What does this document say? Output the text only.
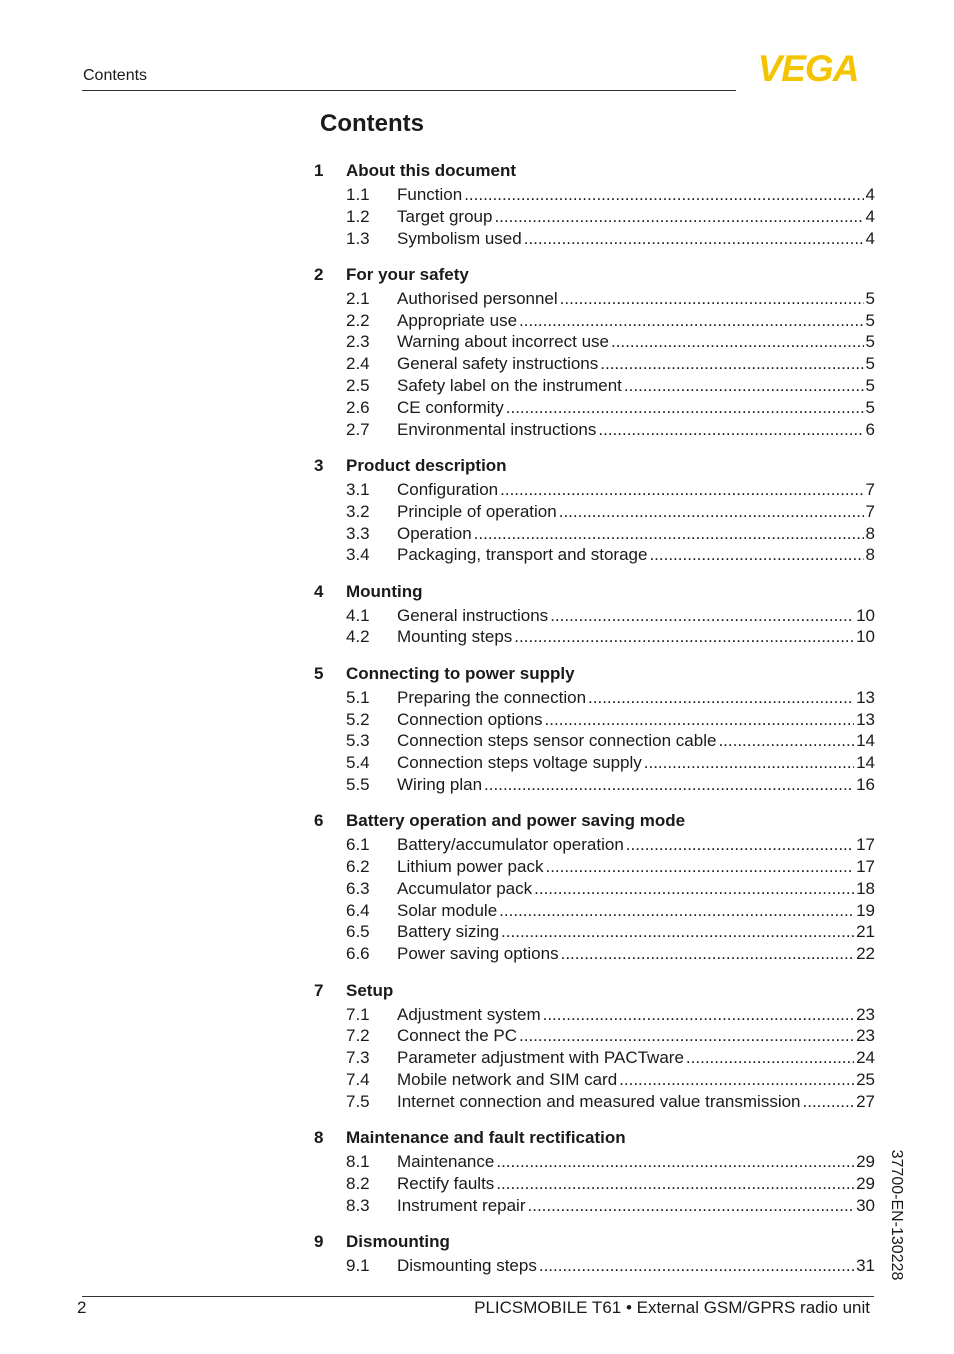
Contents	VEGA
Contents
1	About this document
1.1	Function .....	4
1.2	Target group .....	4
1.3	Symbolism used .....	4
2	For your safety
2.1	Authorised personnel .....	5
2.2	Appropriate use .....	5
2.3	Warning about incorrect use .....	5
2.4	General safety instructions .....	5
2.5	Safety label on the instrument .....	5
2.6	CE conformity .....	5
2.7	Environmental instructions .....	6
3	Product description
3.1	Configuration .....	7
3.2	Principle of operation .....	7
3.3	Operation .....	8
3.4	Packaging, transport and storage .....	8
4	Mounting
4.1	General instructions .....	10
4.2	Mounting steps .....	10
5	Connecting to power supply
5.1	Preparing the connection .....	13
5.2	Connection options .....	13
5.3	Connection steps sensor connection cable .....	14
5.4	Connection steps voltage supply .....	14
5.5	Wiring plan .....	16
6	Battery operation and power saving mode
6.1	Battery/accumulator operation .....	17
6.2	Lithium power pack .....	17
6.3	Accumulator pack .....	18
6.4	Solar module .....	19
6.5	Battery sizing .....	21
6.6	Power saving options .....	22
7	Setup
7.1	Adjustment system .....	23
7.2	Connect the PC .....	23
7.3	Parameter adjustment with PACTware .....	24
7.4	Mobile network and SIM card .....	25
7.5	Internet connection and measured value transmission .....	27
8	Maintenance and fault rectification
8.1	Maintenance .....	29
8.2	Rectify faults .....	29
8.3	Instrument repair .....	30
9	Dismounting
9.1	Dismounting steps .....	31 37700-EN-130228
2	PLICSMOBILE T61 • External GSM/GPRS radio unit
